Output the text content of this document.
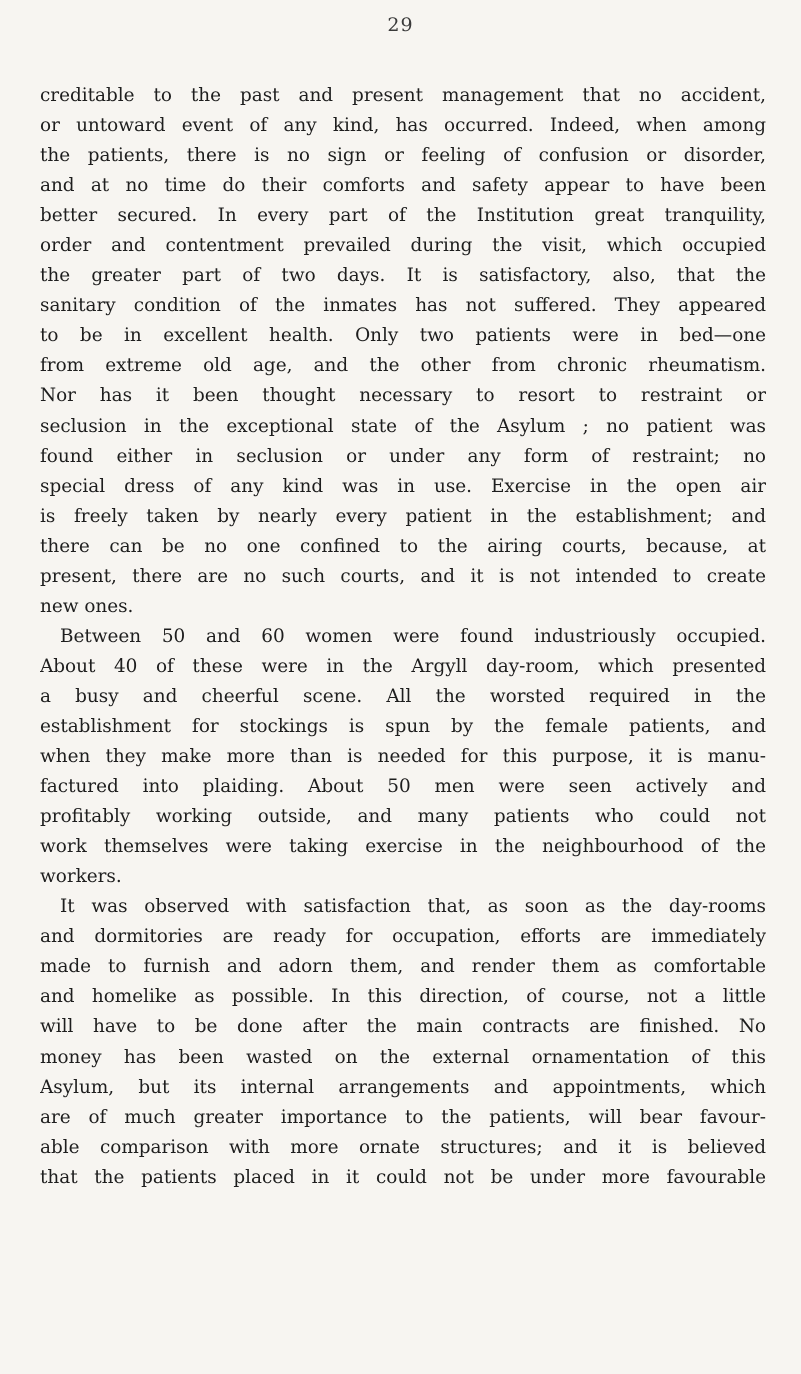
29
creditable to the past and present management that no accident,
or untoward event of any kind, has occurred. Indeed, when among
the patients, there is no sign or feeling of confusion or disorder,
and at no time do their comforts and safety appear to have been
better secured. In every part of the Institution great tranquility,
order and contentment prevailed during the visit, which occupied
the greater part of two days. It is satisfactory, also, that the
sanitary condition of the inmates has not suffered. They appeared
to be in excellent health. Only two patients were in bed—one
from extreme old age, and the other from chronic rheumatism.
Nor has it been thought necessary to resort to restraint or
seclusion in the exceptional state of the Asylum ; no patient was
found either in seclusion or under any form of restraint; no
special dress of any kind was in use. Exercise in the open air
is freely taken by nearly every patient in the establishment; and
there can be no one confined to the airing courts, because, at
present, there are no such courts, and it is not intended to create
new ones.
Between 50 and 60 women were found industriously occupied.
About 40 of these were in the Argyll day-room, which presented
a busy and cheerful scene. All the worsted required in the
establishment for stockings is spun by the female patients, and
when they make more than is needed for this purpose, it is manu-
factured into plaiding. About 50 men were seen actively and
profitably working outside, and many patients who could not
work themselves were taking exercise in the neighbourhood of the
workers.
It was observed with satisfaction that, as soon as the day-rooms
and dormitories are ready for occupation, efforts are immediately
made to furnish and adorn them, and render them as comfortable
and homelike as possible. In this direction, of course, not a little
will have to be done after the main contracts are finished. No
money has been wasted on the external ornamentation of this
Asylum, but its internal arrangements and appointments, which
are of much greater importance to the patients, will bear favour-
able comparison with more ornate structures; and it is believed
that the patients placed in it could not be under more favourable
